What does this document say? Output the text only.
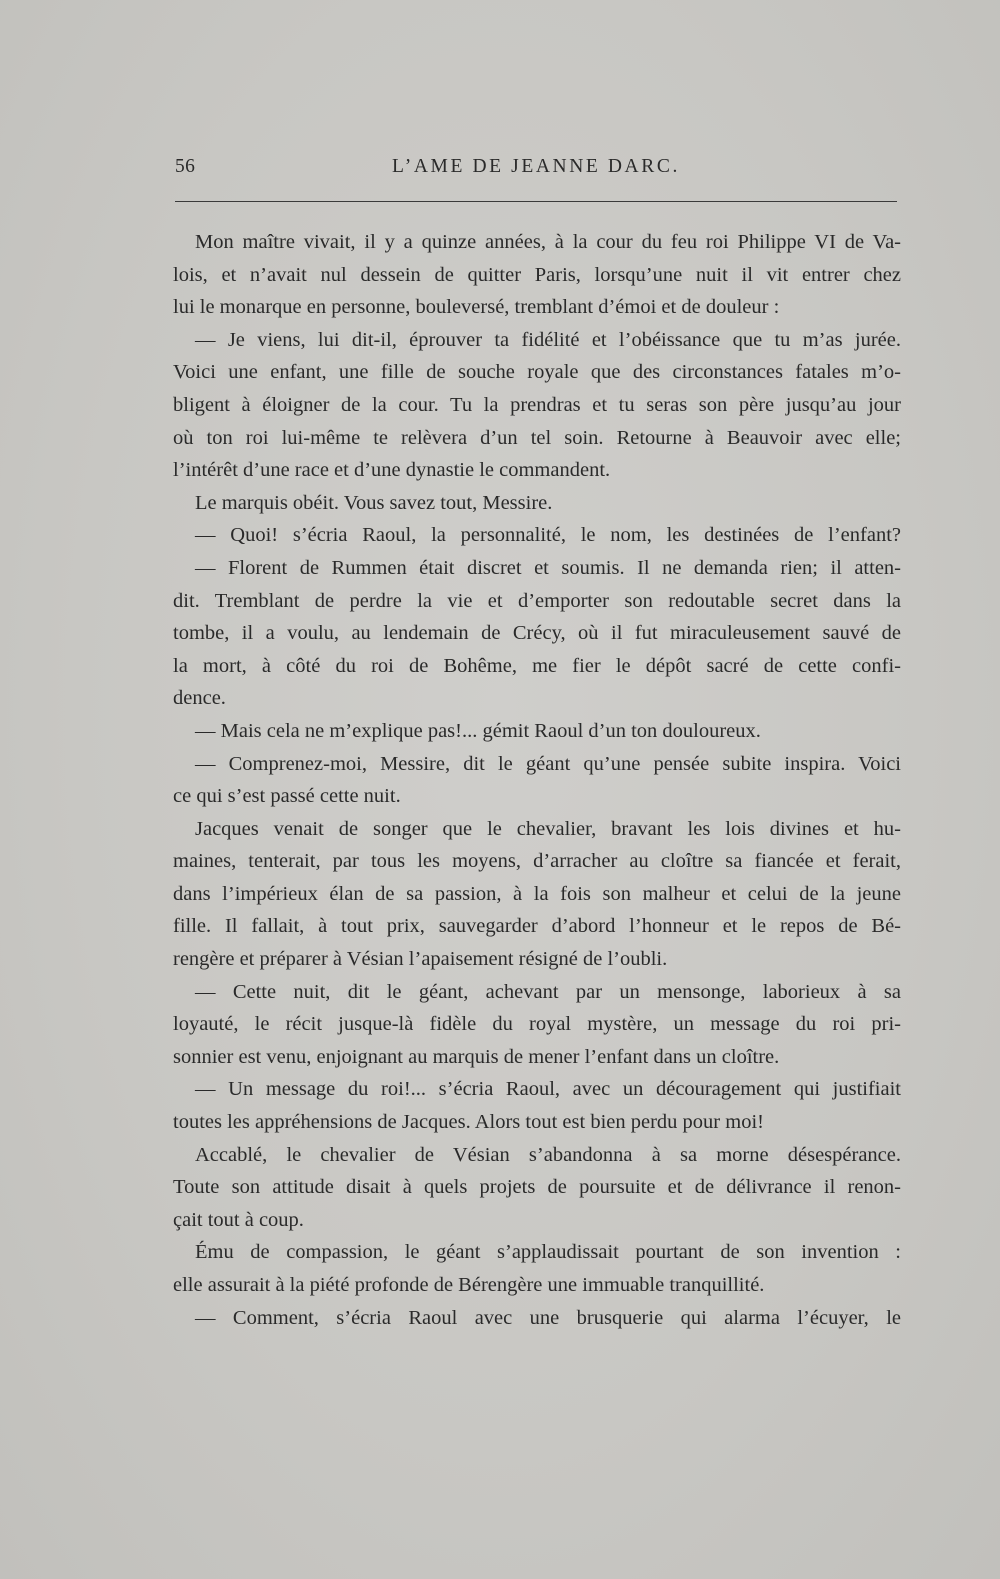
56	L’AME DE JEANNE DARC.
Mon maître vivait, il y a quinze années, à la cour du feu roi Philippe VI de Va-
lois, et n’avait nul dessein de quitter Paris, lorsqu’une nuit il vit entrer chez
lui le monarque en personne, bouleversé, tremblant d’émoi et de douleur :
— Je viens, lui dit-il, éprouver ta fidélité et l’obéissance que tu m’as jurée.
Voici une enfant, une fille de souche royale que des circonstances fatales m’o-
bligent à éloigner de la cour. Tu la prendras et tu seras son père jusqu’au jour
où ton roi lui-même te relèvera d’un tel soin. Retourne à Beauvoir avec elle;
l’intérêt d’une race et d’une dynastie le commandent.
Le marquis obéit. Vous savez tout, Messire.
— Quoi! s’écria Raoul, la personnalité, le nom, les destinées de l’enfant?
— Florent de Rummen était discret et soumis. Il ne demanda rien; il atten-
dit. Tremblant de perdre la vie et d’emporter son redoutable secret dans la
tombe, il a voulu, au lendemain de Crécy, où il fut miraculeusement sauvé de
la mort, à côté du roi de Bohême, me fier le dépôt sacré de cette confi-
dence.
— Mais cela ne m’explique pas!... gémit Raoul d’un ton douloureux.
— Comprenez-moi, Messire, dit le géant qu’une pensée subite inspira. Voici
ce qui s’est passé cette nuit.
Jacques venait de songer que le chevalier, bravant les lois divines et hu-
maines, tenterait, par tous les moyens, d’arracher au cloître sa fiancée et ferait,
dans l’impérieux élan de sa passion, à la fois son malheur et celui de la jeune
fille. Il fallait, à tout prix, sauvegarder d’abord l’honneur et le repos de Bé-
rengère et préparer à Vésian l’apaisement résigné de l’oubli.
— Cette nuit, dit le géant, achevant par un mensonge, laborieux à sa
loyauté, le récit jusque-là fidèle du royal mystère, un message du roi pri-
sonnier est venu, enjoignant au marquis de mener l’enfant dans un cloître.
— Un message du roi!... s’écria Raoul, avec un découragement qui justifiait
toutes les appréhensions de Jacques. Alors tout est bien perdu pour moi!
Accablé, le chevalier de Vésian s’abandonna à sa morne désespérance.
Toute son attitude disait à quels projets de poursuite et de délivrance il renon-
çait tout à coup.
Ému de compassion, le géant s’applaudissait pourtant de son invention :
elle assurait à la piété profonde de Bérengère une immuable tranquillité.
— Comment, s’écria Raoul avec une brusquerie qui alarma l’écuyer, le
